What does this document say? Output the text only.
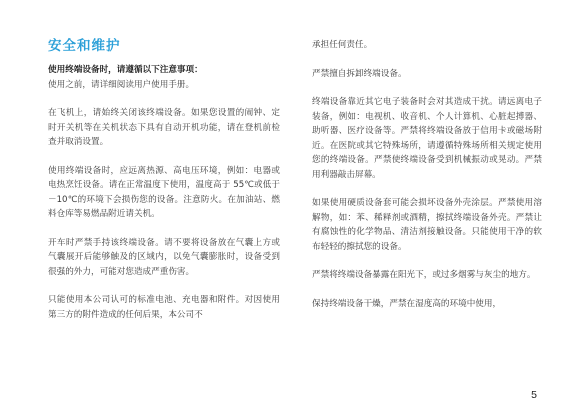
安全和维护
使用终端设备时，请遵循以下注意事项：

使用之前，请详细阅读用户使用手册。

在飞机上，请始终关闭该终端设备。如果您设置的闹钟、定时开关机等在关机状态下具有自动开机功能，请在登机前检查并取消设置。

使用终端设备时，应远离热源、高电压环境，例如：电器或电热烹饪设备。请在正常温度下使用，温度高于 55℃或低于－10℃的环境下会损伤您的设备。注意防火。在加油站、燃料仓库等易燃品附近请关机。

开车时严禁手持该终端设备。请不要将设备放在气囊上方或气囊展开后能够触及的区域内，以免气囊膨胀时，设备受到很强的外力，可能对您造成严重伤害。

只能使用本公司认可的标准电池、充电器和附件。对因使用第三方的附件造成的任何后果，本公司不

承担任何责任。

严禁擅自拆卸终端设备。

终端设备靠近其它电子装备时会对其造成干扰。请远离电子装备，例如：电视机、收音机、个人计算机、心脏起搏器、助听器、医疗设备等。严禁将终端设备放于信用卡或磁场附近。在医院或其它特殊场所，请遵循特殊场所相关规定使用您的终端设备。严禁使终端设备受到机械振动或晃动。严禁用利器敲击屏幕。

如果使用硬质设备套可能会损坏设备外壳涂层。严禁使用溶解物，如：苯、稀释剂或酒精，擦拭终端设备外壳。严禁让有腐蚀性的化学物品、清洁剂接触设备。只能使用干净的软布轻轻的擦拭您的设备。

严禁将终端设备暴露在阳光下，或过多烟雾与灰尘的地方。

保持终端设备干燥，严禁在湿度高的环境中使用，

5
